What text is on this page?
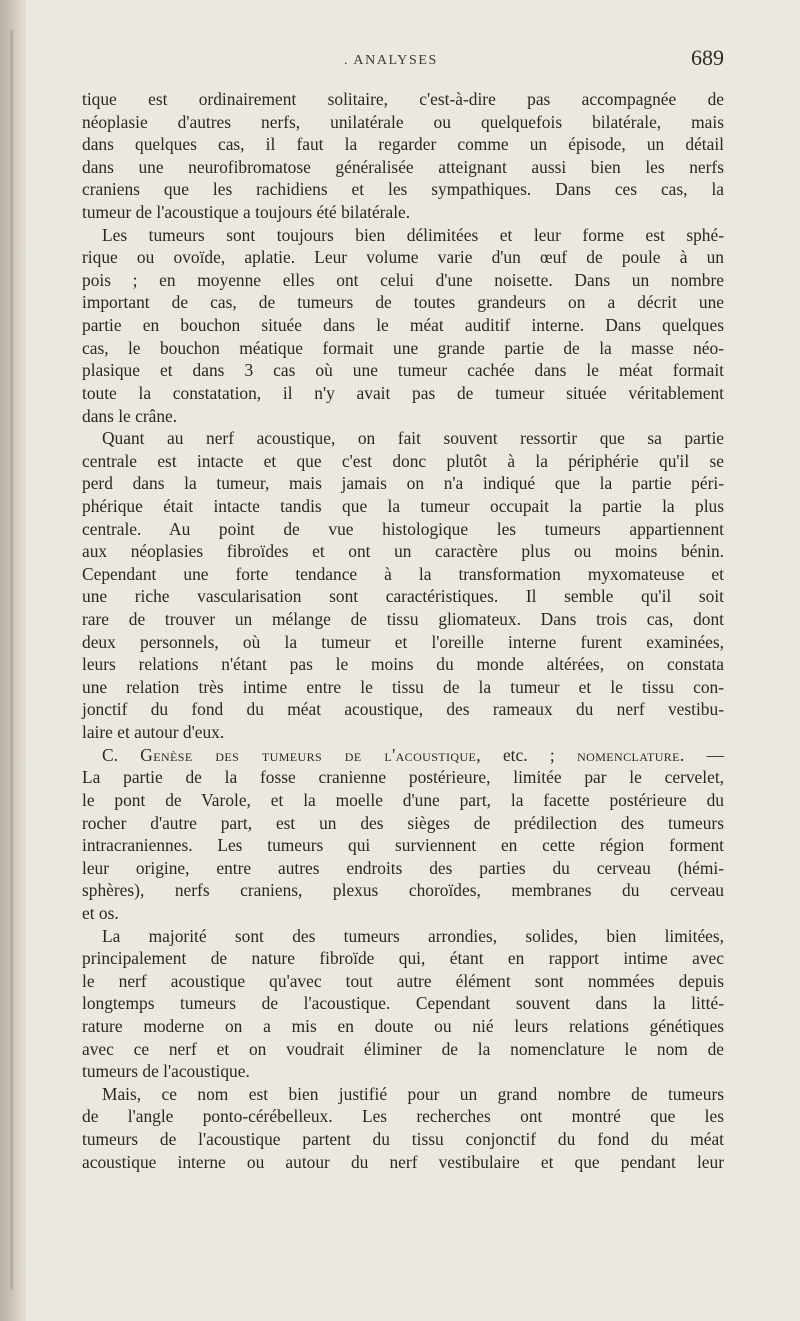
. ANALYSES	689
tique est ordinairement solitaire, c'est-à-dire pas accompagnée de
néoplasie d'autres nerfs, unilatérale ou quelquefois bilatérale, mais
dans quelques cas, il faut la regarder comme un épisode, un détail
dans une neurofibromatose généralisée atteignant aussi bien les nerfs
craniens que les rachidiens et les sympathiques. Dans ces cas, la
tumeur de l'acoustique a toujours été bilatérale.
Les tumeurs sont toujours bien délimitées et leur forme est sphé-
rique ou ovoïde, aplatie. Leur volume varie d'un œuf de poule à un
pois ; en moyenne elles ont celui d'une noisette. Dans un nombre
important de cas, de tumeurs de toutes grandeurs on a décrit une
partie en bouchon située dans le méat auditif interne. Dans quelques
cas, le bouchon méatique formait une grande partie de la masse néo-
plasique et dans 3 cas où une tumeur cachée dans le méat formait
toute la constatation, il n'y avait pas de tumeur située véritablement
dans le crâne.
Quant au nerf acoustique, on fait souvent ressortir que sa partie
centrale est intacte et que c'est donc plutôt à la périphérie qu'il se
perd dans la tumeur, mais jamais on n'a indiqué que la partie péri-
phérique était intacte tandis que la tumeur occupait la partie la plus
centrale. Au point de vue histologique les tumeurs appartiennent
aux néoplasies fibroïdes et ont un caractère plus ou moins bénin.
Cependant une forte tendance à la transformation myxomateuse et
une riche vascularisation sont caractéristiques. Il semble qu'il soit
rare de trouver un mélange de tissu gliomateux. Dans trois cas, dont
deux personnels, où la tumeur et l'oreille interne furent examinées,
leurs relations n'étant pas le moins du monde altérées, on constata
une relation très intime entre le tissu de la tumeur et le tissu con-
jonctif du fond du méat acoustique, des rameaux du nerf vestibu-
laire et autour d'eux.
C. Genèse des tumeurs de l'acoustique, etc. ; nomenclature. —
La partie de la fosse cranienne postérieure, limitée par le cervelet,
le pont de Varole, et la moelle d'une part, la facette postérieure du
rocher d'autre part, est un des sièges de prédilection des tumeurs
intracraniennes. Les tumeurs qui surviennent en cette région forment
leur origine, entre autres endroits des parties du cerveau (hémi-
sphères), nerfs craniens, plexus choroïdes, membranes du cerveau
et os.
La majorité sont des tumeurs arrondies, solides, bien limitées,
principalement de nature fibroïde qui, étant en rapport intime avec
le nerf acoustique qu'avec tout autre élément sont nommées depuis
longtemps tumeurs de l'acoustique. Cependant souvent dans la litté-
rature moderne on a mis en doute ou nié leurs relations génétiques
avec ce nerf et on voudrait éliminer de la nomenclature le nom de
tumeurs de l'acoustique.
Mais, ce nom est bien justifié pour un grand nombre de tumeurs
de l'angle ponto-cérébelleux. Les recherches ont montré que les
tumeurs de l'acoustique partent du tissu conjonctif du fond du méat
acoustique interne ou autour du nerf vestibulaire et que pendant leur
